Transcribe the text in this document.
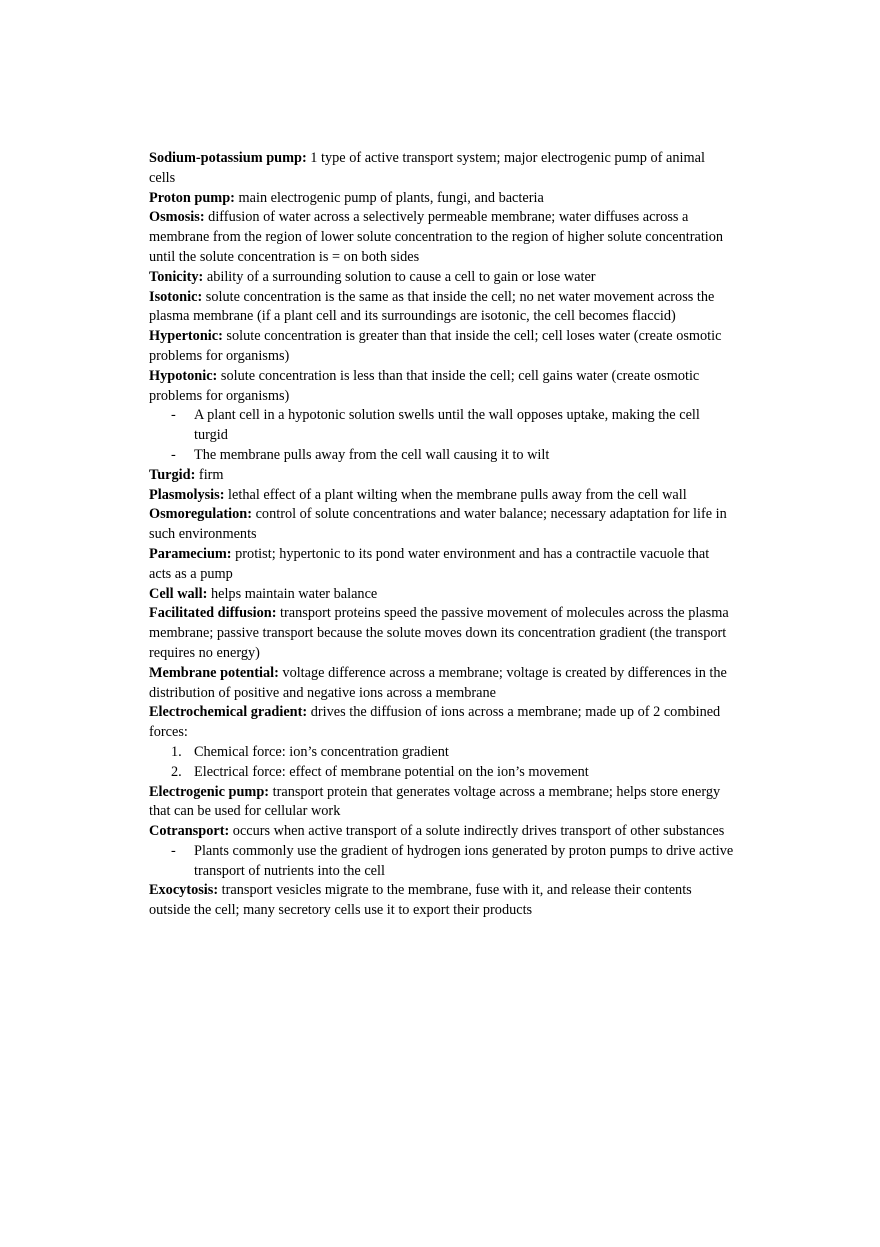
Sodium-potassium pump: 1 type of active transport system; major electrogenic pump of animal cells

Proton pump: main electrogenic pump of plants, fungi, and bacteria

Osmosis: diffusion of water across a selectively permeable membrane; water diffuses across a membrane from the region of lower solute concentration to the region of higher solute concentration until the solute concentration is = on both sides

Tonicity: ability of a surrounding solution to cause a cell to gain or lose water

Isotonic: solute concentration is the same as that inside the cell; no net water movement across the plasma membrane (if a plant cell and its surroundings are isotonic, the cell becomes flaccid)

Hypertonic: solute concentration is greater than that inside the cell; cell loses water (create osmotic problems for organisms)

Hypotonic: solute concentration is less than that inside the cell; cell gains water (create osmotic problems for organisms)

- A plant cell in a hypotonic solution swells until the wall opposes uptake, making the cell turgid
- The membrane pulls away from the cell wall causing it to wilt

Turgid: firm

Plasmolysis: lethal effect of a plant wilting when the membrane pulls away from the cell wall

Osmoregulation: control of solute concentrations and water balance; necessary adaptation for life in such environments

Paramecium: protist; hypertonic to its pond water environment and has a contractile vacuole that acts as a pump

Cell wall: helps maintain water balance

Facilitated diffusion: transport proteins speed the passive movement of molecules across the plasma membrane; passive transport because the solute moves down its concentration gradient (the transport requires no energy)

Membrane potential: voltage difference across a membrane; voltage is created by differences in the distribution of positive and negative ions across a membrane

Electrochemical gradient: drives the diffusion of ions across a membrane; made up of 2 combined forces:

1. Chemical force: ion’s concentration gradient
2. Electrical force: effect of membrane potential on the ion’s movement

Electrogenic pump: transport protein that generates voltage across a membrane; helps store energy that can be used for cellular work

Cotransport: occurs when active transport of a solute indirectly drives transport of other substances

- Plants commonly use the gradient of hydrogen ions generated by proton pumps to drive active transport of nutrients into the cell

Exocytosis: transport vesicles migrate to the membrane, fuse with it, and release their contents outside the cell; many secretory cells use it to export their products
